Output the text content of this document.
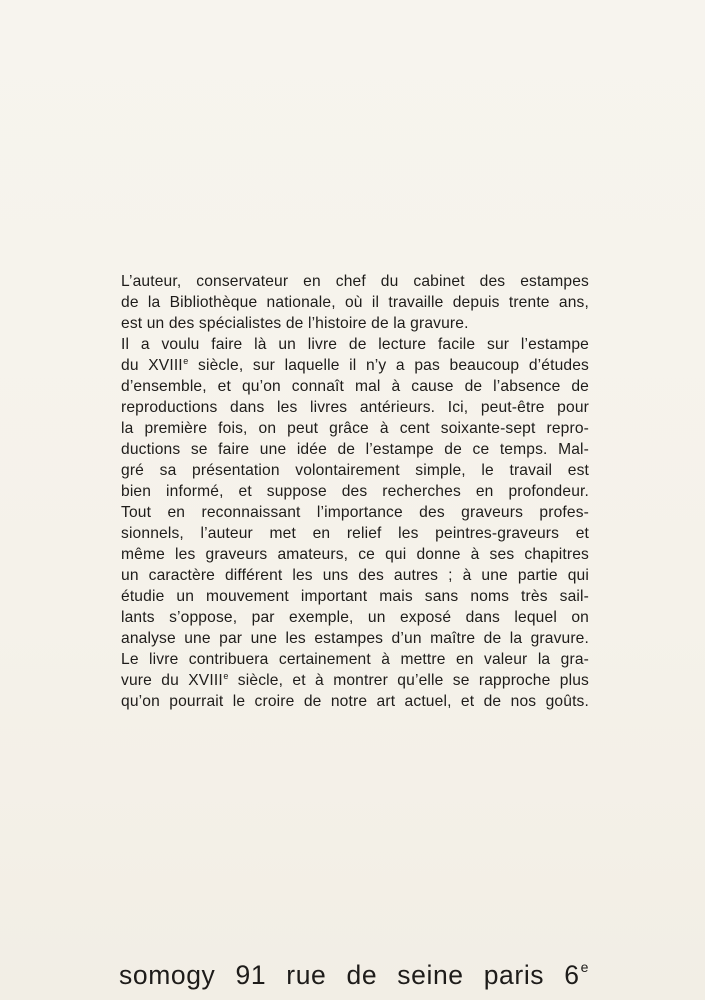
L’auteur, conservateur en chef du cabinet des estampes
de la Bibliothèque nationale, où il travaille depuis trente ans,
est un des spécialistes de l’histoire de la gravure.
Il a voulu faire là un livre de lecture facile sur l’estampe
du XVIIIe siècle, sur laquelle il n’y a pas beaucoup d’études
d’ensemble, et qu’on connaît mal à cause de l’absence de
reproductions dans les livres antérieurs. Ici, peut-être pour
la première fois, on peut grâce à cent soixante-sept repro-
ductions se faire une idée de l’estampe de ce temps. Mal-
gré sa présentation volontairement simple, le travail est
bien informé, et suppose des recherches en profondeur.
Tout en reconnaissant l’importance des graveurs profes-
sionnels, l’auteur met en relief les peintres-graveurs et
même les graveurs amateurs, ce qui donne à ses chapitres
un caractère différent les uns des autres ; à une partie qui
étudie un mouvement important mais sans noms très sail-
lants s’oppose, par exemple, un exposé dans lequel on
analyse une par une les estampes d’un maître de la gravure.
Le livre contribuera certainement à mettre en valeur la gra-
vure du XVIIIe siècle, et à montrer qu’elle se rapproche plus
qu’on pourrait le croire de notre art actuel, et de nos goûts.
somogy 91 rue de seine paris 6e
